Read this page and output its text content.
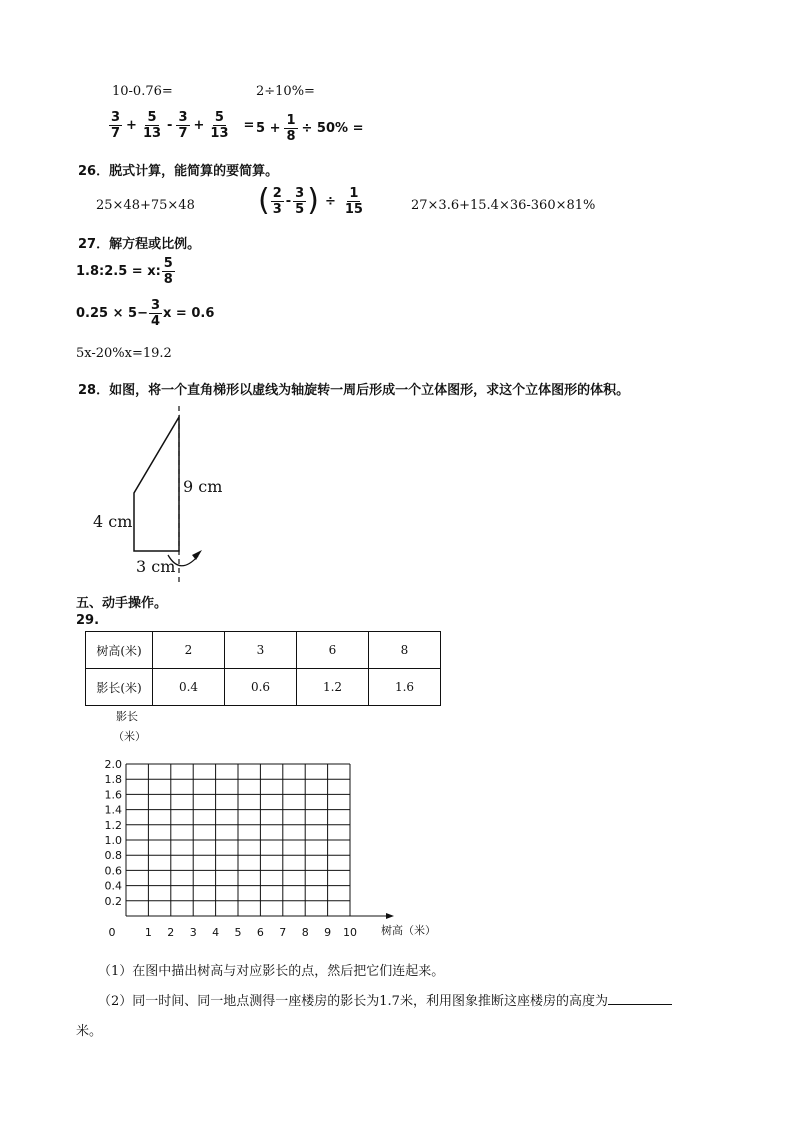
10-0.76=	2÷10%=
$\frac{3}{7} + \frac{5}{13} - \frac{3}{7} + \frac{5}{13} = 5 + \frac{1}{8} \div 50\%$ =
26．脱式计算，能简算的要简算。
25×48+75×48 ( $\frac{2}{3} - \frac{3}{5}$ ) ÷ $\frac{1}{15}$	27×3.6+15.4×36-360×81%
27．解方程或比例。
1.8:2.5 = x: $\frac{5}{8}$
$0.25 \times 5- \frac{3}{4}$ x = 0.6
5x-20%x=19.2
28．如图，将一个直角梯形以虚线为轴旋转一周后形成一个立体图形，求这个立体图形的体积。
9 cm
4 cm
3 cm
五、动手操作。
29.
树高(米)	2	3	6	8
影长(米)	0.4	0.6	1.2	1.6
影长
（米）
2.0
1.8
1.6
1.4
1.2
1.0
0.8
0.6
0.4
0.2
0	1 2 3 4 5 6 7 8 9 10 树高（米）
（1）在图中描出树高与对应影长的点，然后把它们连起来。
（2）同一时间、同一地点测得一座楼房的影长为1.7米，利用图象推断这座楼房的高度为
米。
